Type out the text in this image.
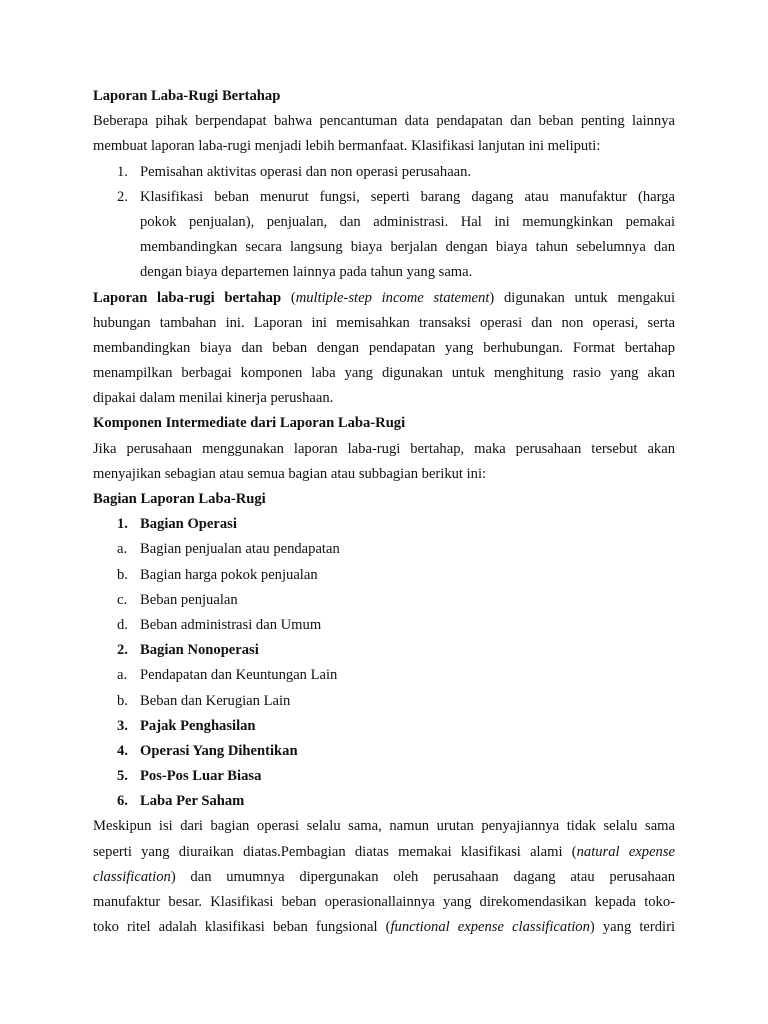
Laporan Laba-Rugi Bertahap
Beberapa pihak berpendapat bahwa pencantuman data pendapatan dan beban penting lainnya
membuat laporan laba-rugi menjadi lebih bermanfaat. Klasifikasi lanjutan ini meliputi:
1. Pemisahan aktivitas operasi dan non operasi perusahaan.
2. Klasifikasi beban menurut fungsi, seperti barang dagang atau manufaktur (harga
pokok penjualan), penjualan, dan administrasi. Hal ini memungkinkan pemakai
membandingkan secara langsung biaya berjalan dengan biaya tahun sebelumnya dan
dengan biaya departemen lainnya pada tahun yang sama.
Laporan laba-rugi bertahap (multiple-step income statement) digunakan untuk mengakui
hubungan tambahan ini. Laporan ini memisahkan transaksi operasi dan non operasi, serta
membandingkan biaya dan beban dengan pendapatan yang berhubungan. Format bertahap
menampilkan berbagai komponen laba yang digunakan untuk menghitung rasio yang akan
dipakai dalam menilai kinerja perushaan.
Komponen Intermediate dari Laporan Laba-Rugi
Jika perusahaan menggunakan laporan laba-rugi bertahap, maka perusahaan tersebut akan
menyajikan sebagian atau semua bagian atau subbagian berikut ini:
Bagian Laporan Laba-Rugi
1. Bagian Operasi
a. Bagian penjualan atau pendapatan
b. Bagian harga pokok penjualan
c. Beban penjualan
d. Beban administrasi dan Umum
2. Bagian Nonoperasi
a. Pendapatan dan Keuntungan Lain
b. Beban dan Kerugian Lain
3. Pajak Penghasilan
4. Operasi Yang Dihentikan
5. Pos-Pos Luar Biasa
6. Laba Per Saham
Meskipun isi dari bagian operasi selalu sama, namun urutan penyajiannya tidak selalu sama
seperti yang diuraikan diatas.Pembagian diatas memakai klasifikasi alami (natural expense
classification) dan umumnya dipergunakan oleh perusahaan dagang atau perusahaan
manufaktur besar. Klasifikasi beban operasionallainnya yang direkomendasikan kepada toko-
toko ritel adalah klasifikasi beban fungsional (functional expense classification) yang terdiri
